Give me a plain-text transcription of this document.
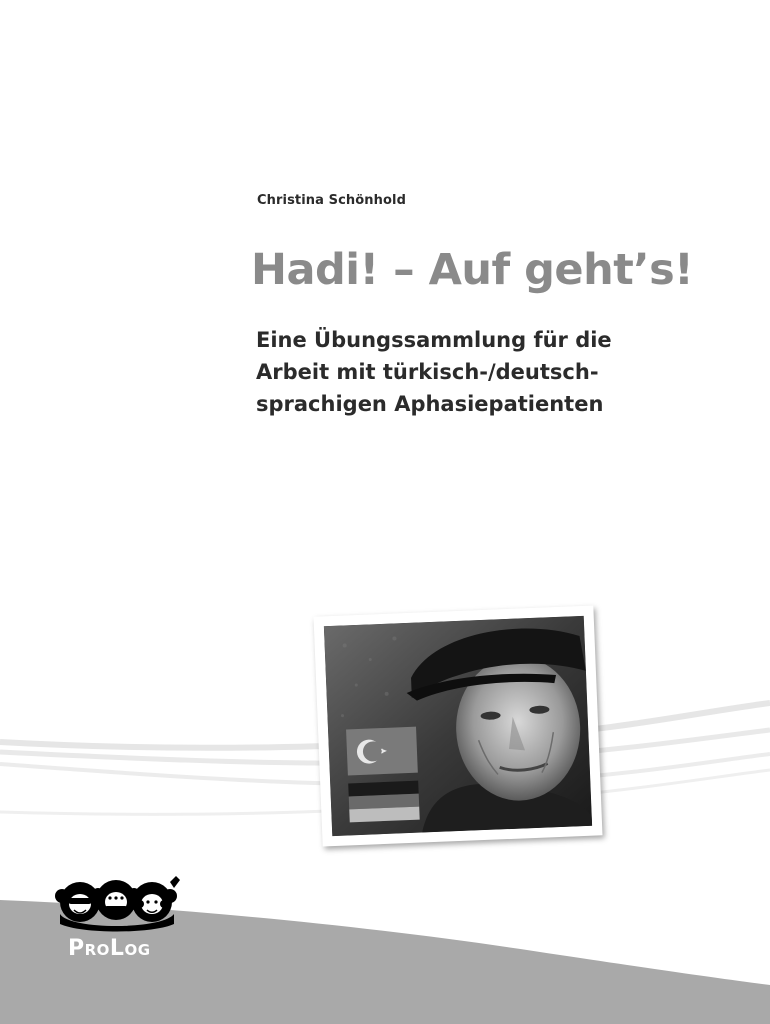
Christina Schönhold
Hadi! – Auf geht’s!
Eine Übungssammlung für die
Arbeit mit türkisch-/deutsch-
sprachigen Aphasiepatienten
ProLog
